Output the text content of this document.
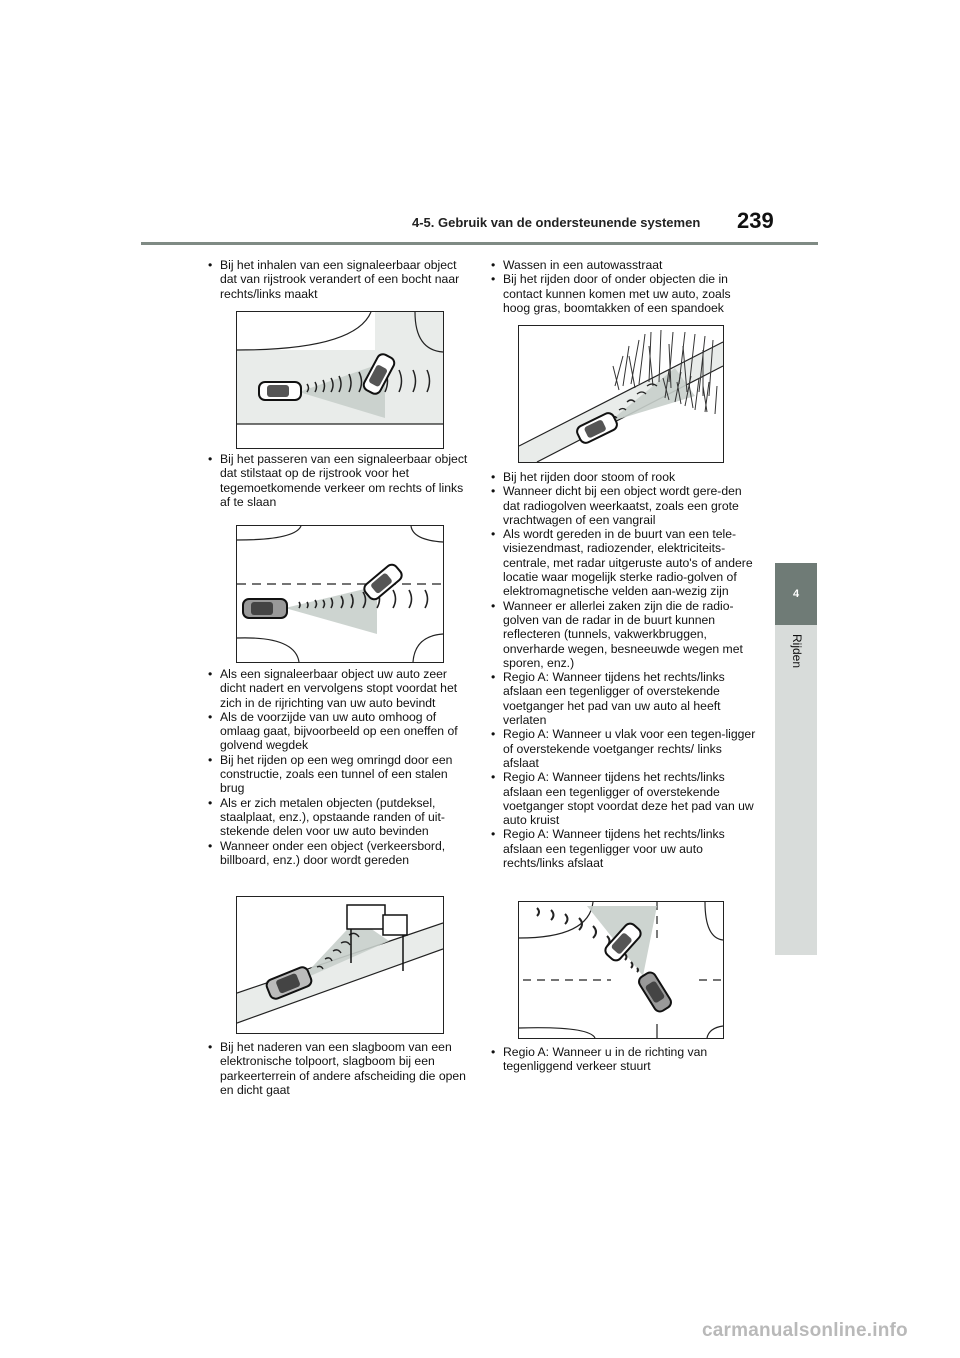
4-5. Gebruik van de ondersteunende systemen 239
4
Rijden
• Bij het inhalen van een signaleerbaar object dat van rijstrook verandert of een bocht naar rechts/links maakt
• Bij het passeren van een signaleerbaar object dat stilstaat op de rijstrook voor het tegemoetkomende verkeer om rechts of links af te slaan
• Als een signaleerbaar object uw auto zeer dicht nadert en vervolgens stopt voordat het zich in de rijrichting van uw auto bevindt
• Als de voorzijde van uw auto omhoog of omlaag gaat, bijvoorbeeld op een oneffen of golvend wegdek
• Bij het rijden op een weg omringd door een constructie, zoals een tunnel of een stalen brug
• Als er zich metalen objecten (putdeksel, staalplaat, enz.), opstaande randen of uit-stekende delen voor uw auto bevinden
• Wanneer onder een object (verkeersbord, billboard, enz.) door wordt gereden
• Bij het naderen van een slagboom van een elektronische tolpoort, slagboom bij een parkeerterrein of andere afscheiding die open en dicht gaat
• Wassen in een autowasstraat
• Bij het rijden door of onder objecten die in contact kunnen komen met uw auto, zoals hoog gras, boomtakken of een spandoek
• Bij het rijden door stoom of rook
• Wanneer dicht bij een object wordt gere-den dat radiogolven weerkaatst, zoals een grote vrachtwagen of een vangrail
• Als wordt gereden in de buurt van een tele-visiezendmast, radiozender, elektriciteits-centrale, met radar uitgeruste auto's of andere locatie waar mogelijk sterke radio-golven of elektromagnetische velden aan-wezig zijn
• Wanneer er allerlei zaken zijn die de radio-golven van de radar in de buurt kunnen reflecteren (tunnels, vakwerkbruggen, onverharde wegen, besneeuwde wegen met sporen, enz.)
• Regio A: Wanneer tijdens het rechts/links afslaan een tegenligger of overstekende voetganger het pad van uw auto al heeft verlaten
• Regio A: Wanneer u vlak voor een tegen-ligger of overstekende voetganger rechts/ links afslaat
• Regio A: Wanneer tijdens het rechts/links afslaan een tegenligger of overstekende voetganger stopt voordat deze het pad van uw auto kruist
• Regio A: Wanneer tijdens het rechts/links afslaan een tegenligger voor uw auto rechts/links afslaat
• Regio A: Wanneer u in de richting van tegenliggend verkeer stuurt
carmanualsonline.info
